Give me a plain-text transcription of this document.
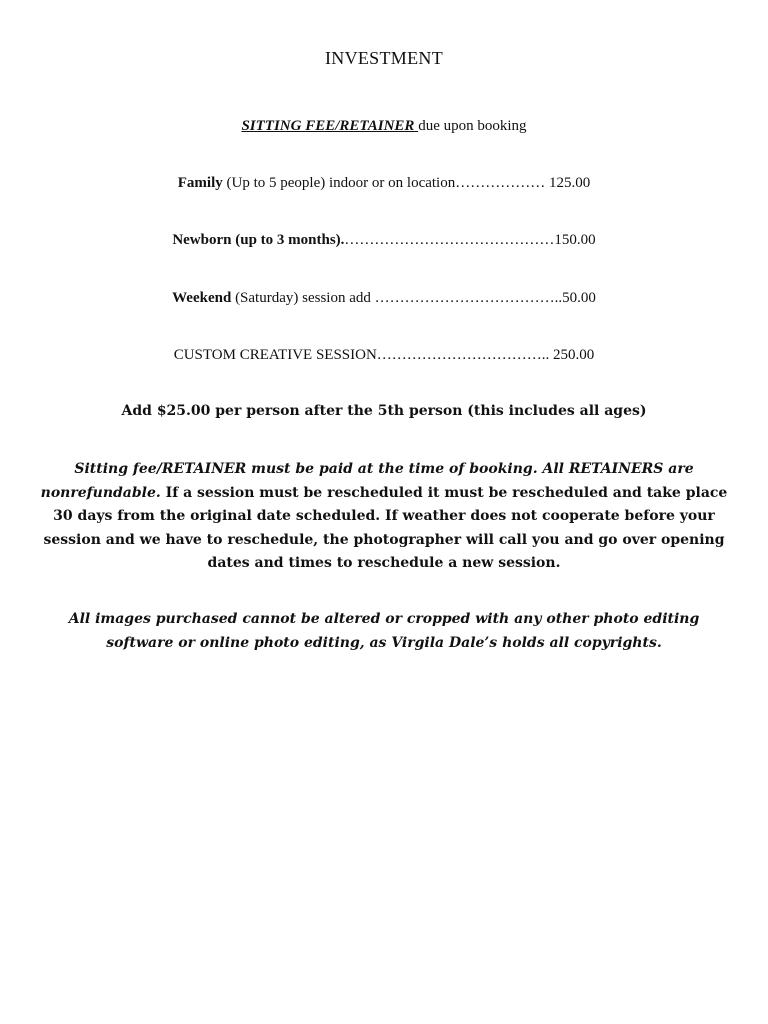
INVESTMENT
SITTING FEE/RETAINER due upon booking
Family (Up to 5 people) indoor or on location……………… 125.00
Newborn (up to 3 months).……………………………………150.00
Weekend (Saturday) session add ………………………………..50.00
CUSTOM CREATIVE SESSION…………………………….. 250.00
Add $25.00 per person after the 5th person (this includes all ages)
Sitting fee/RETAINER must be paid at the time of booking. All RETAINERS are nonrefundable. If a session must be rescheduled it must be rescheduled and take place 30 days from the original date scheduled. If weather does not cooperate before your session and we have to reschedule, the photographer will call you and go over opening dates and times to reschedule a new session.
All images purchased cannot be altered or cropped with any other photo editing software or online photo editing, as Virgila Dale’s holds all copyrights.
